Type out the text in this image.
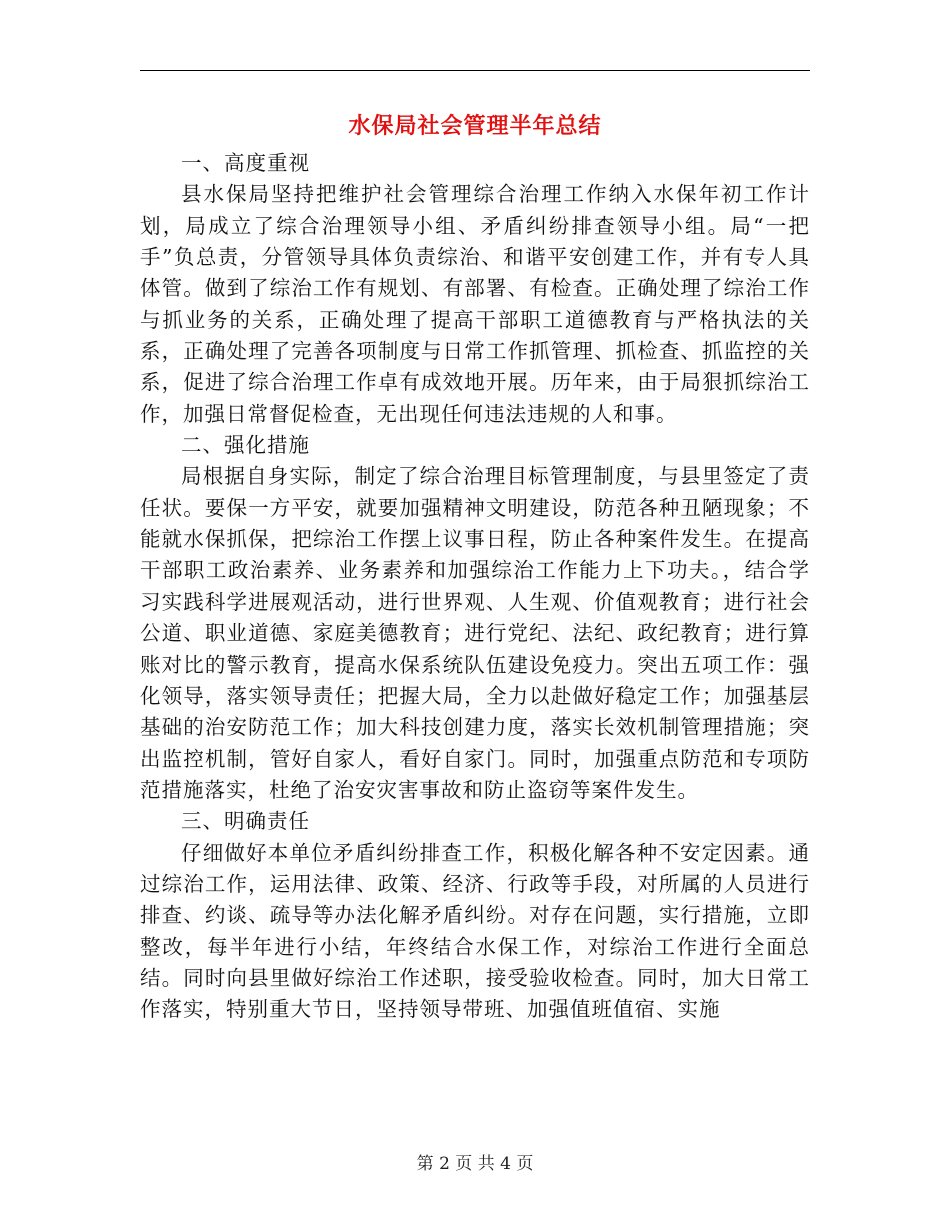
水保局社会管理半年总结

一、高度重视

县水保局坚持把维护社会管理综合治理工作纳入水保年初工作计划，局成立了综合治理领导小组、矛盾纠纷排查领导小组。局“一把手”负总责，分管领导具体负责综治、和谐平安创建工作，并有专人具体管。做到了综治工作有规划、有部署、有检查。正确处理了综治工作与抓业务的关系，正确处理了提高干部职工道德教育与严格执法的关系，正确处理了完善各项制度与日常工作抓管理、抓检查、抓监控的关系，促进了综合治理工作卓有成效地开展。历年来，由于局狠抓综治工作，加强日常督促检查，无出现任何违法违规的人和事。

二、强化措施

局根据自身实际，制定了综合治理目标管理制度，与县里签定了责任状。要保一方平安，就要加强精神文明建设，防范各种丑陋现象；不能就水保抓保，把综治工作摆上议事日程，防止各种案件发生。在提高干部职工政治素养、业务素养和加强综治工作能力上下功夫。，结合学习实践科学进展观活动，进行世界观、人生观、价值观教育；进行社会公道、职业道德、家庭美德教育；进行党纪、法纪、政纪教育；进行算账对比的警示教育，提高水保系统队伍建设免疫力。突出五项工作：强化领导，落实领导责任；把握大局，全力以赴做好稳定工作；加强基层基础的治安防范工作；加大科技创建力度，落实长效机制管理措施；突出监控机制，管好自家人，看好自家门。同时，加强重点防范和专项防范措施落实，杜绝了治安灾害事故和防止盗窃等案件发生。

三、明确责任

仔细做好本单位矛盾纠纷排查工作，积极化解各种不安定因素。通过综治工作，运用法律、政策、经济、行政等手段，对所属的人员进行排查、约谈、疏导等办法化解矛盾纠纷。对存在问题，实行措施，立即整改，每半年进行小结，年终结合水保工作，对综治工作进行全面总结。同时向县里做好综治工作述职，接受验收检查。同时，加大日常工作落实，特别重大节日，坚持领导带班、加强值班值宿、实施

第 2 页 共 4 页
